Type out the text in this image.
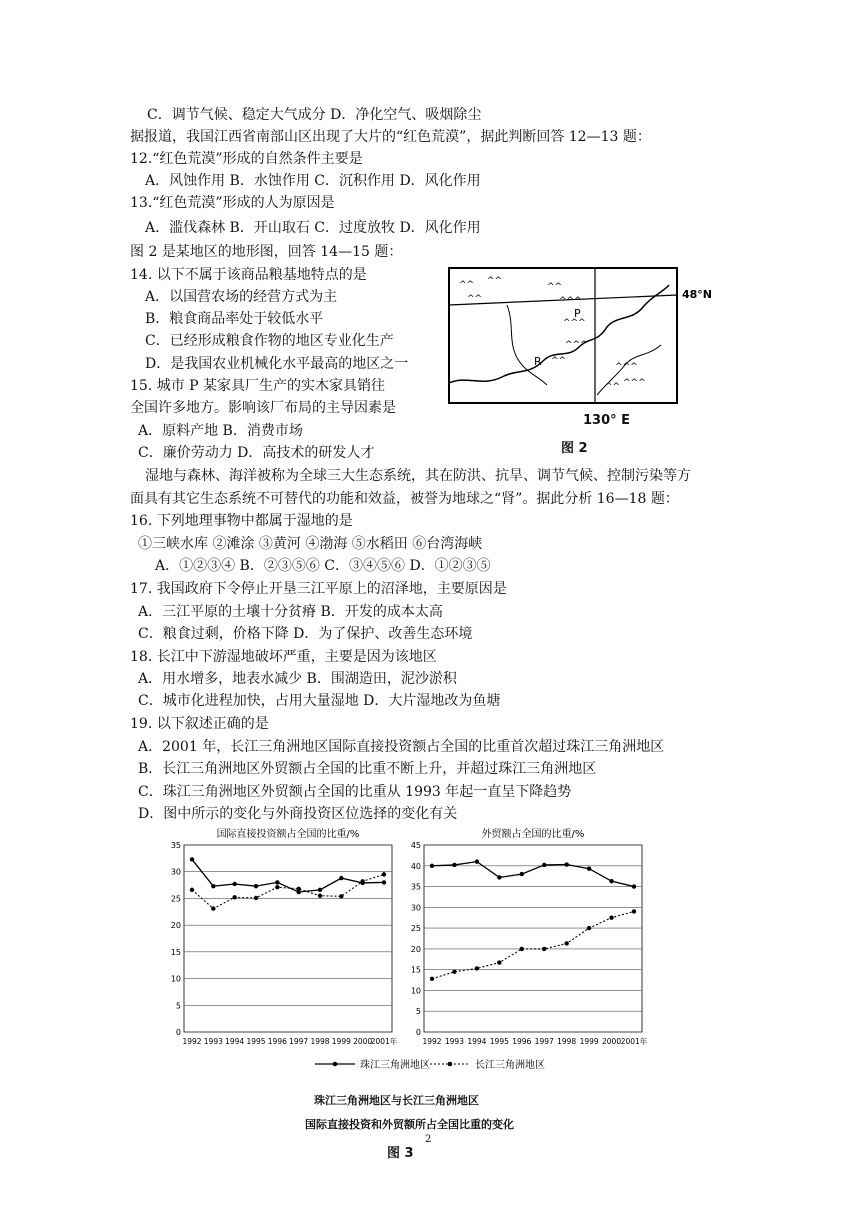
C．调节气候、稳定大气成分 D．净化空气、吸烟除尘
据报道，我国江西省南部山区出现了大片的“红色荒漠”，据此判断回答 12—13 题：
12.“红色荒漠”形成的自然条件主要是
A．风蚀作用 B．水蚀作用 C．沉积作用 D．风化作用
13.“红色荒漠”形成的人为原因是
A．滥伐森林 B．开山取石 C．过度放牧 D．风化作用
图 2 是某地区的地形图，回答 14—15 题：
14. 以下不属于该商品粮基地特点的是
A．以国营农场的经营方式为主
B．粮食商品率处于较低水平
C．已经形成粮食作物的地区专业化生产
D．是我国农业机械化水平最高的地区之一
15. 城市 P 某家具厂生产的实木家具销往
全国许多地方。影响该厂布局的主导因素是
A．原料产地 B．消费市场
C．廉价劳动力 D．高技术的研发人才
湿地与森林、海洋被称为全球三大生态系统，其在防洪、抗旱、调节气候、控制污染等方
面具有其它生态系统不可替代的功能和效益，被誉为地球之“肾”。据此分析 16—18 题：
16. 下列地理事物中都属于湿地的是
①三峡水库 ②滩涂 ③黄河 ④渤海 ⑤水稻田 ⑥台湾海峡
A．①②③④ B．②③⑤⑥ C．③④⑤⑥ D．①②③⑤
17. 我国政府下令停止开垦三江平原上的沼泽地，主要原因是
A．三江平原的土壤十分贫瘠 B．开发的成本太高
C．粮食过剩，价格下降 D．为了保护、改善生态环境
18. 长江中下游湿地破坏严重，主要是因为该地区
A．用水增多，地表水减少 B．围湖造田，泥沙淤积
C．城市化进程加快，占用大量湿地 D．大片湿地改为鱼塘
19. 以下叙述正确的是
A．2001 年，长江三角洲地区国际直接投资额占全国的比重首次超过珠江三角洲地区
B．长江三角洲地区外贸额占全国的比重不断上升，并超过珠江三角洲地区
C．珠江三角洲地区外贸额占全国的比重从 1993 年起一直呈下降趋势
D．图中所示的变化与外商投资区位选择的变化有关
^^ ^^
^^
^^
^^^
^^^
^^^
^^
^^^
^^^
^^
P
R
48°N
130° E
图 2
国际直接投资额占全国的比重/%
0
5
10
15
20
25
30
35
1992 1993 1994 1995 1996 1997 1998 1999 2000
2001年
外贸额占全国的比重/%
0
5
10
15
20
25
30
35
40
45
1992 1993 1994 1995 1996 1997 1998 1999 2000 2001年
珠江三角洲地区	长江三角洲地区
珠江三角洲地区与长江三角洲地区
国际直接投资和外贸额所占全国比重的变化
2
图 3
